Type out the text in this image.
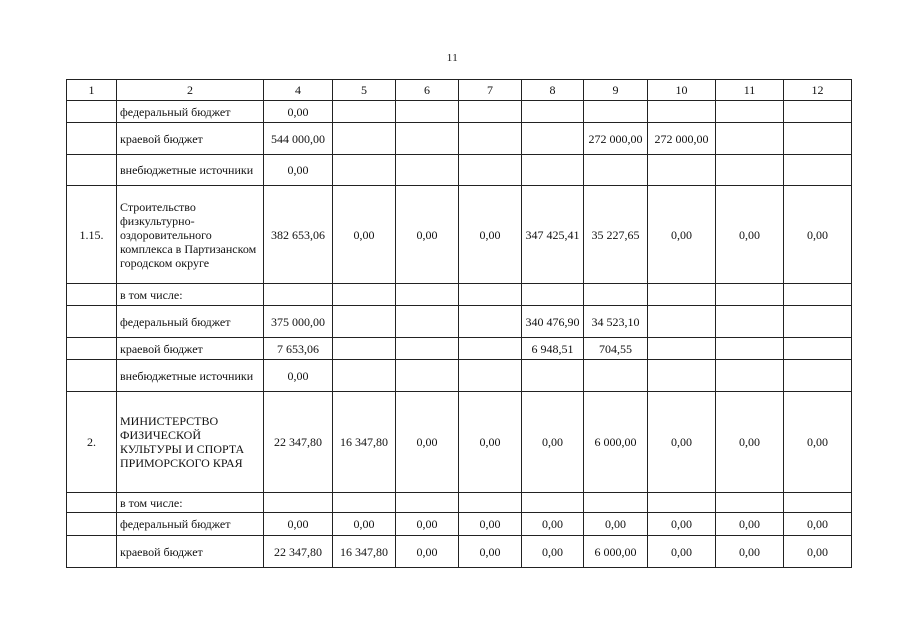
11
1	2	4	5	6	7	8	9	10	11	12
	федеральный бюджет	0,00								
	краевой бюджет	544 000,00					272 000,00	272 000,00		
	внебюджетные источники	0,00								
1.15.	Строительство физкультурно-оздоровительного комплекса в Партизанском городском округе	382 653,06	0,00	0,00	0,00	347 425,41	35 227,65	0,00	0,00	0,00
	в том числе:									
	федеральный бюджет	375 000,00				340 476,90	34 523,10			
	краевой бюджет	7 653,06				6 948,51	704,55			
	внебюджетные источники	0,00								
2.	МИНИСТЕРСТВО ФИЗИЧЕСКОЙ КУЛЬТУРЫ И СПОРТА ПРИМОРСКОГО КРАЯ	22 347,80	16 347,80	0,00	0,00	0,00	6 000,00	0,00	0,00	0,00
	в том числе:									
	федеральный бюджет	0,00	0,00	0,00	0,00	0,00	0,00	0,00	0,00	0,00
	краевой бюджет	22 347,80	16 347,80	0,00	0,00	0,00	6 000,00	0,00	0,00	0,00
